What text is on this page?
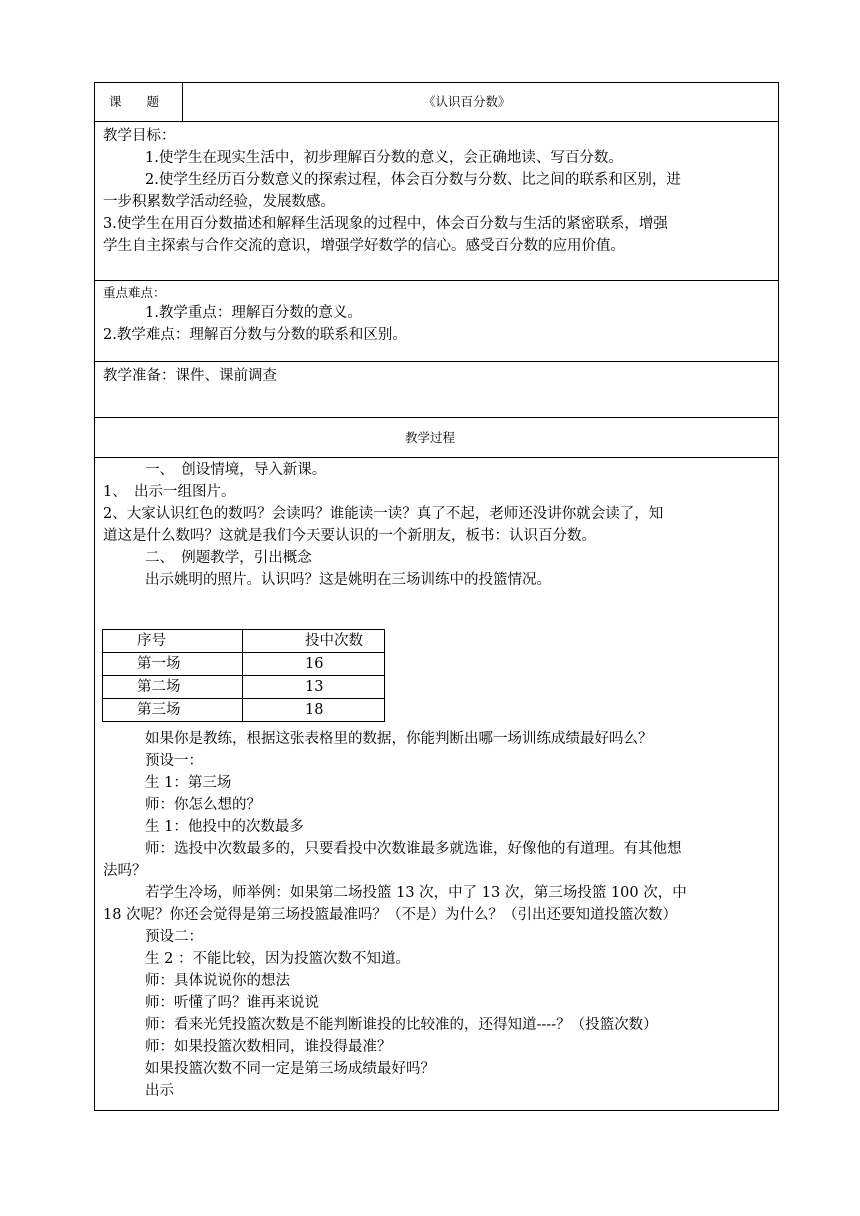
课　　题	《认识百分数》

教学目标：

1.使学生在现实生活中，初步理解百分数的意义，会正确地读、写百分数。

2.使学生经历百分数意义的探索过程，体会百分数与分数、比之间的联系和区别，进

一步积累数学活动经验，发展数感。

3.使学生在用百分数描述和解释生活现象的过程中，体会百分数与生活的紧密联系，增强

学生自主探索与合作交流的意识，增强学好数学的信心。感受百分数的应用价值。

重点难点：

1.教学重点：理解百分数的意义。

2.教学难点：理解百分数与分数的联系和区别。

教学准备：课件、课前调查

教学过程

一、　创设情境，导入新课。

1、　出示一组图片。

2、大家认识红色的数吗？会读吗？谁能读一读？真了不起，老师还没讲你就会读了，知

道这是什么数吗？这就是我们今天要认识的一个新朋友，板书：认识百分数。

二、　例题教学，引出概念

出示姚明的照片。认识吗？这是姚明在三场训练中的投篮情况。

序号	投中次数
第一场	16
第二场	13
第三场	18

如果你是教练，根据这张表格里的数据，你能判断出哪一场训练成绩最好吗么？

预设一：

生 1：第三场

师：你怎么想的？

生 1：他投中的次数最多

师：选投中次数最多的，只要看投中次数谁最多就选谁，好像他的有道理。有其他想

法吗？

若学生冷场，师举例：如果第二场投篮 13 次，中了 13 次，第三场投篮 100 次，中

18 次呢？你还会觉得是第三场投篮最准吗？（不是）为什么？（引出还要知道投篮次数）

预设二：

生 2 ：不能比较，因为投篮次数不知道。

师：具体说说你的想法

师：听懂了吗？谁再来说说

师：看来光凭投篮次数是不能判断谁投的比较准的，还得知道----？（投篮次数）

师：如果投篮次数相同，谁投得最准？

如果投篮次数不同一定是第三场成绩最好吗？

出示
